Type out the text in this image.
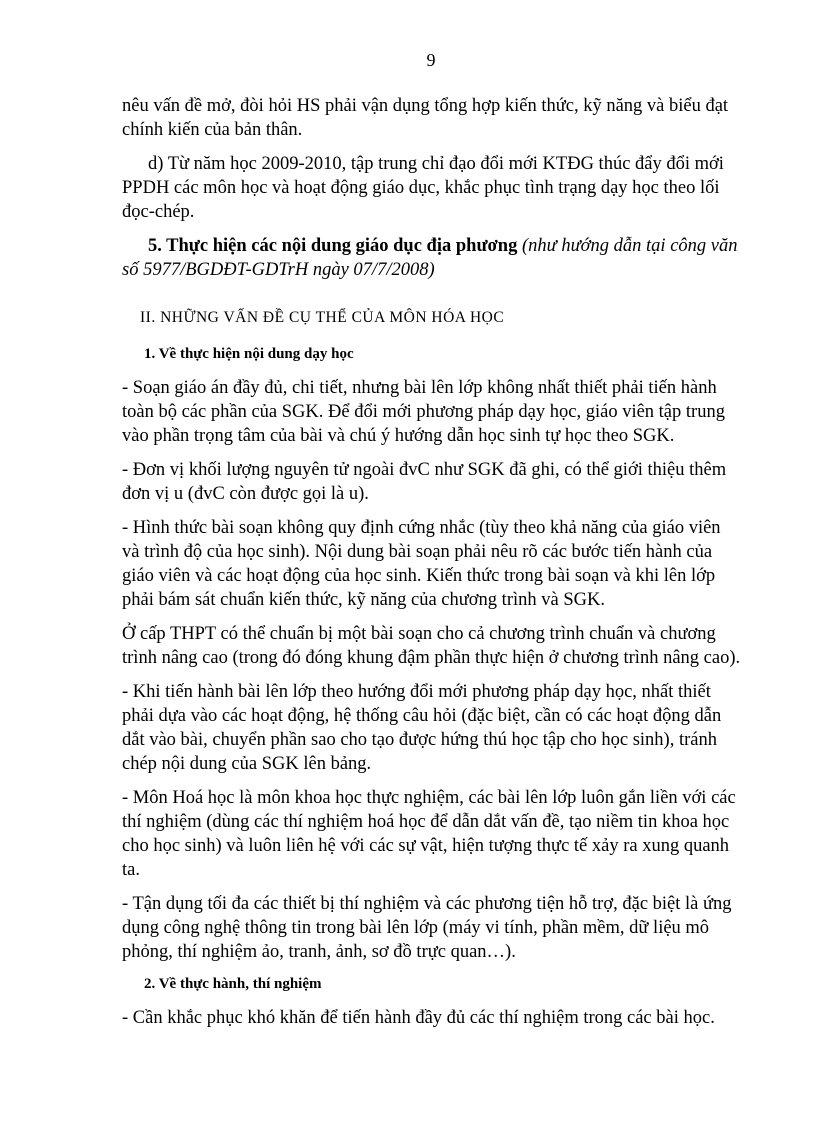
9

nêu vấn đề mở, đòi hỏi HS phải vận dụng tổng hợp kiến thức, kỹ năng và biểu đạt chính kiến của bản thân.

d) Từ năm học 2009-2010, tập trung chỉ đạo đổi mới KTĐG thúc đẩy đổi mới PPDH các môn học và hoạt động giáo dục, khắc phục tình trạng dạy học theo lối đọc-chép.

5. Thực hiện các nội dung giáo dục địa phương (như hướng dẫn tại công văn số 5977/BGDĐT-GDTrH ngày 07/7/2008)

II. NHỮNG VẤN ĐỀ CỤ THỂ CỦA MÔN HÓA HỌC
1. Về thực hiện nội dung dạy học

- Soạn giáo án đầy đủ, chi tiết, nhưng bài lên lớp không nhất thiết phải tiến hành toàn bộ các phần của SGK. Để đổi mới phương pháp dạy học, giáo viên tập trung vào phần trọng tâm của bài và chú ý hướng dẫn học sinh tự học theo SGK.

- Đơn vị khối lượng nguyên tử ngoài đvC như SGK đã ghi, có thể giới thiệu thêm đơn vị u (đvC còn được gọi là u).

- Hình thức bài soạn không quy định cứng nhắc (tùy theo khả năng của giáo viên và trình độ của học sinh). Nội dung bài soạn phải nêu rõ các bước tiến hành của giáo viên và các hoạt động của học sinh. Kiến thức trong bài soạn và khi lên lớp phải bám sát chuẩn kiến thức, kỹ năng của chương trình và SGK.

Ở cấp THPT có thể chuẩn bị một bài soạn cho cả chương trình chuẩn và chương trình nâng cao (trong đó đóng khung đậm phần thực hiện ở chương trình nâng cao).

- Khi tiến hành bài lên lớp theo hướng đổi mới phương pháp dạy học, nhất thiết phải dựa vào các hoạt động, hệ thống câu hỏi (đặc biệt, cần có các hoạt động dẫn dắt vào bài, chuyển phần sao cho tạo được hứng thú học tập cho học sinh), tránh chép nội dung của SGK lên bảng.

- Môn Hoá học là môn khoa học thực nghiệm, các bài lên lớp luôn gắn liền với các thí nghiệm (dùng các thí nghiệm hoá học để dẫn dắt vấn đề, tạo niềm tin khoa học cho học sinh) và luôn liên hệ với các sự vật, hiện tượng thực tế xảy ra xung quanh ta.

- Tận dụng tối đa các thiết bị thí nghiệm và các phương tiện hỗ trợ, đặc biệt là ứng dụng công nghệ thông tin trong bài lên lớp (máy vi tính, phần mềm, dữ liệu mô phỏng, thí nghiệm ảo, tranh, ảnh, sơ đồ trực quan…).

2. Về thực hành, thí nghiệm

- Cần khắc phục khó khăn để tiến hành đầy đủ các thí nghiệm trong các bài học.
